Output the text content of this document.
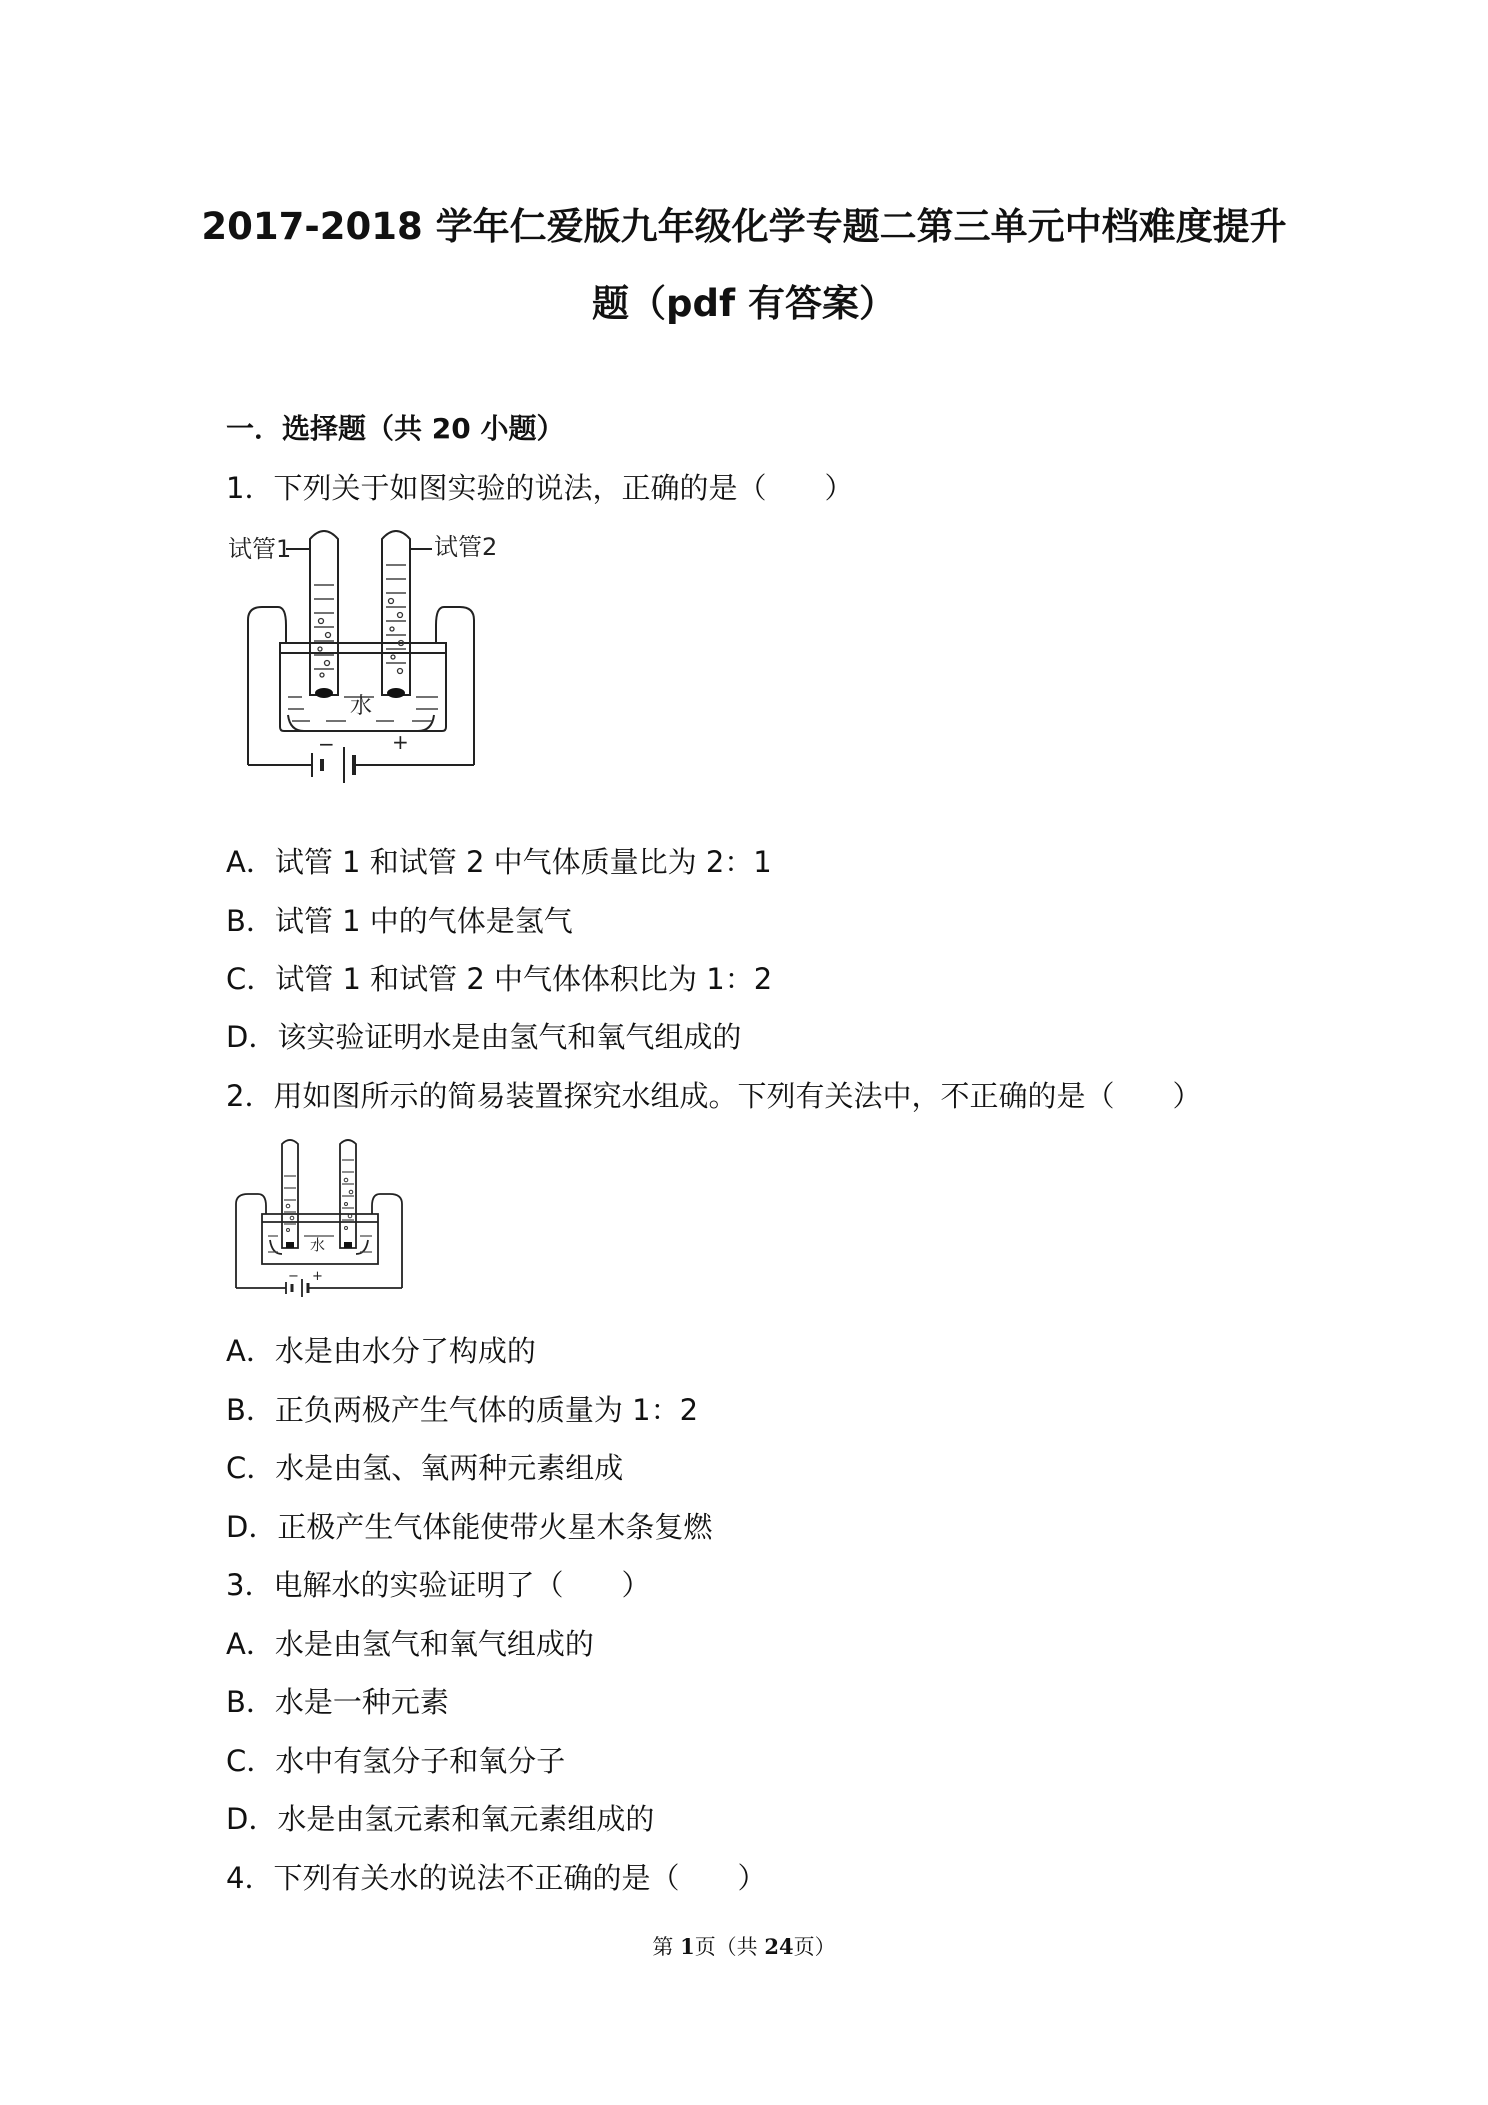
2017-2018 学年仁爱版九年级化学专题二第三单元中档难度提升
题（pdf 有答案）
一．选择题（共 20 小题）
1．下列关于如图实验的说法，正确的是（　　）
试管1	试管2
水
−	+
A．试管 1 和试管 2 中气体质量比为 2：1
B．试管 1 中的气体是氢气
C．试管 1 和试管 2 中气体体积比为 1：2
D．该实验证明水是由氢气和氧气组成的
2．用如图所示的简易装置探究水组成。下列有关法中，不正确的是（　　）
水
− +
A．水是由水分了构成的
B．正负两极产生气体的质量为 1：2
C．水是由氢、氧两种元素组成
D．正极产生气体能使带火星木条复燃
3．电解水的实验证明了（　　）
A．水是由氢气和氧气组成的
B．水是一种元素
C．水中有氢分子和氧分子
D．水是由氢元素和氧元素组成的
4．下列有关水的说法不正确的是（　　）
第 1页（共 24页）
